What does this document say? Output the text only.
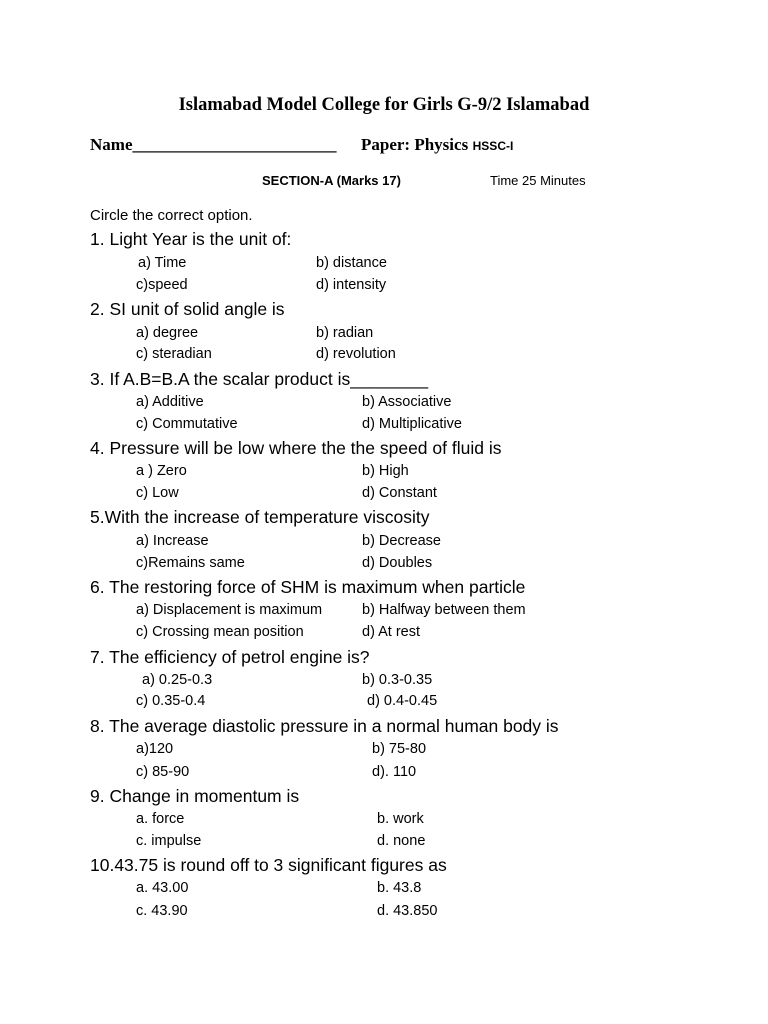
Islamabad Model College for Girls G-9/2 Islamabad
Name________________________ Paper: Physics HSSC-I
SECTION-A (Marks 17)	Time 25 Minutes
Circle the correct option.
1. Light Year is the unit of:
a) Time	b) distance
c)speed	d) intensity
2. SI unit of solid angle is
a) degree	b) radian
c) steradian	d) revolution
3. If A.B=B.A the scalar product is________
a) Additive	b) Associative
c) Commutative	d) Multiplicative
4. Pressure will be low where the the speed of fluid is
a ) Zero	b) High
c) Low	d) Constant
5.With the increase of temperature viscosity
a) Increase	b) Decrease
c)Remains same	d) Doubles
6. The restoring force of SHM is maximum when particle
a) Displacement is maximum	b) Halfway between them
c) Crossing mean position	d) At rest
7. The efficiency of petrol engine is?
a) 0.25-0.3	b) 0.3-0.35
c) 0.35-0.4	d) 0.4-0.45
8. The average diastolic pressure in a normal human body is
a)120	b) 75-80
c) 85-90	d). 110
9. Change in momentum is
a. force	b. work
c. impulse	d. none
10.43.75 is round off to 3 significant figures as
a. 43.00	b. 43.8
c. 43.90	d. 43.850
